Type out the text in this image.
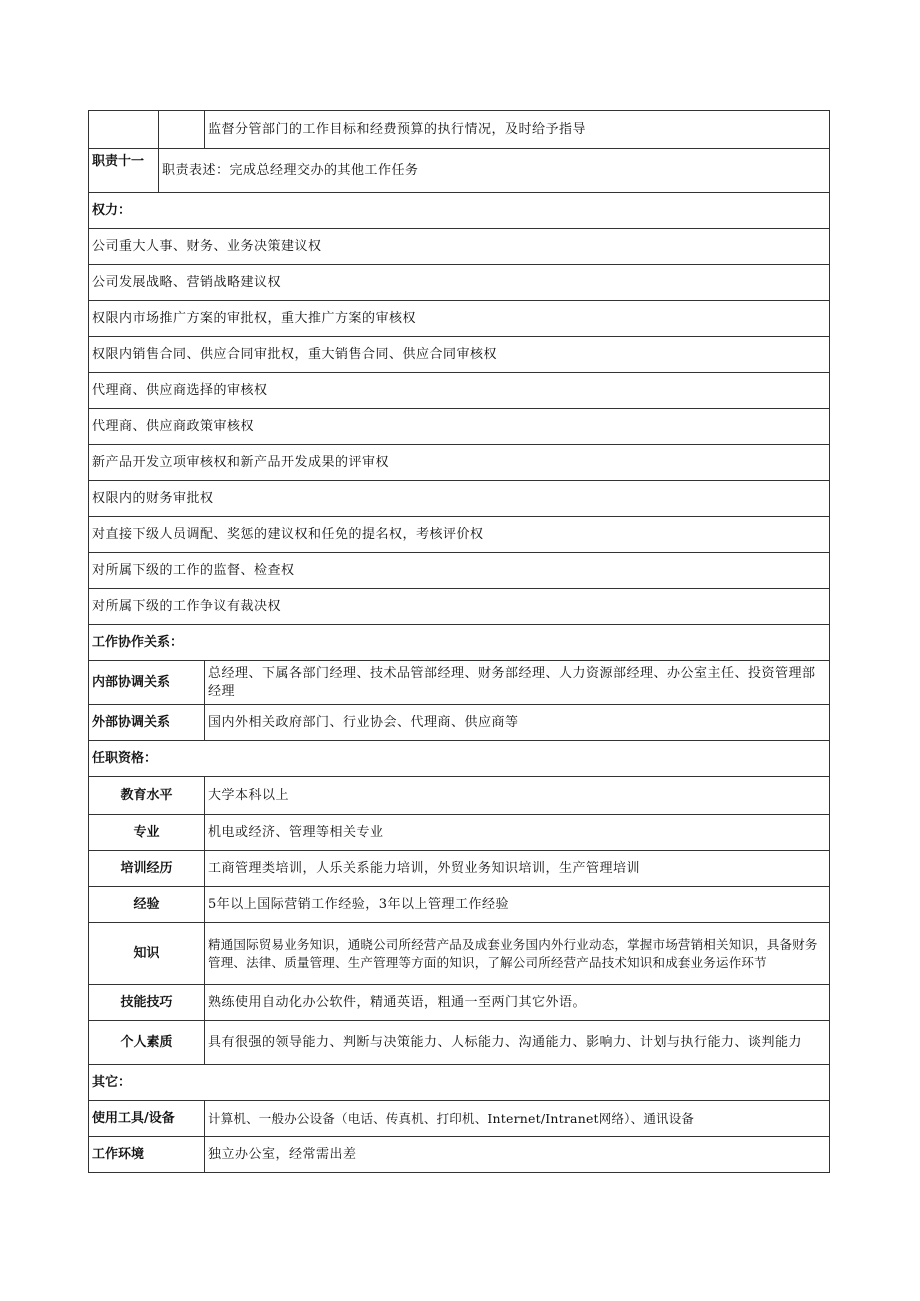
		监督分管部门的工作目标和经费预算的执行情况，及时给予指导
职责十一	职责表述：完成总经理交办的其他工作任务	
权力：		
公司重大人事、财务、业务决策建议权		
公司发展战略、营销战略建议权		
权限内市场推广方案的审批权，重大推广方案的审核权		
权限内销售合同、供应合同审批权，重大销售合同、供应合同审核权		
代理商、供应商选择的审核权		
代理商、供应商政策审核权		
新产品开发立项审核权和新产品开发成果的评审权		
权限内的财务审批权		
对直接下级人员调配、奖惩的建议权和任免的提名权，考核评价权		
对所属下级的工作的监督、检查权		
对所属下级的工作争议有裁决权		
工作协作关系：		
内部协调关系		总经理、下属各部门经理、技术品管部经理、财务部经理、人力资源部经理、办公室主任、投资管理部经理
外部协调关系		国内外相关政府部门、行业协会、代理商、供应商等
任职资格：		
教育水平		大学本科以上
专业		机电或经济、管理等相关专业
培训经历		工商管理类培训，人乐关系能力培训，外贸业务知识培训，生产管理培训
经验		5年以上国际营销工作经验，3年以上管理工作经验
知识		精通国际贸易业务知识，通晓公司所经营产品及成套业务国内外行业动态，掌握市场营销相关知识，具备财务管理、法律、质量管理、生产管理等方面的知识，了解公司所经营产品技术知识和成套业务运作环节
技能技巧		熟练使用自动化办公软件，精通英语，粗通一至两门其它外语。
个人素质		具有很强的领导能力、判断与决策能力、人标能力、沟通能力、影响力、计划与执行能力、谈判能力
其它：		
使用工具/设备		计算机、一般办公设备（电话、传真机、打印机、Internet/Intranet网络）、通讯设备
工作环境		独立办公室，经常需出差
